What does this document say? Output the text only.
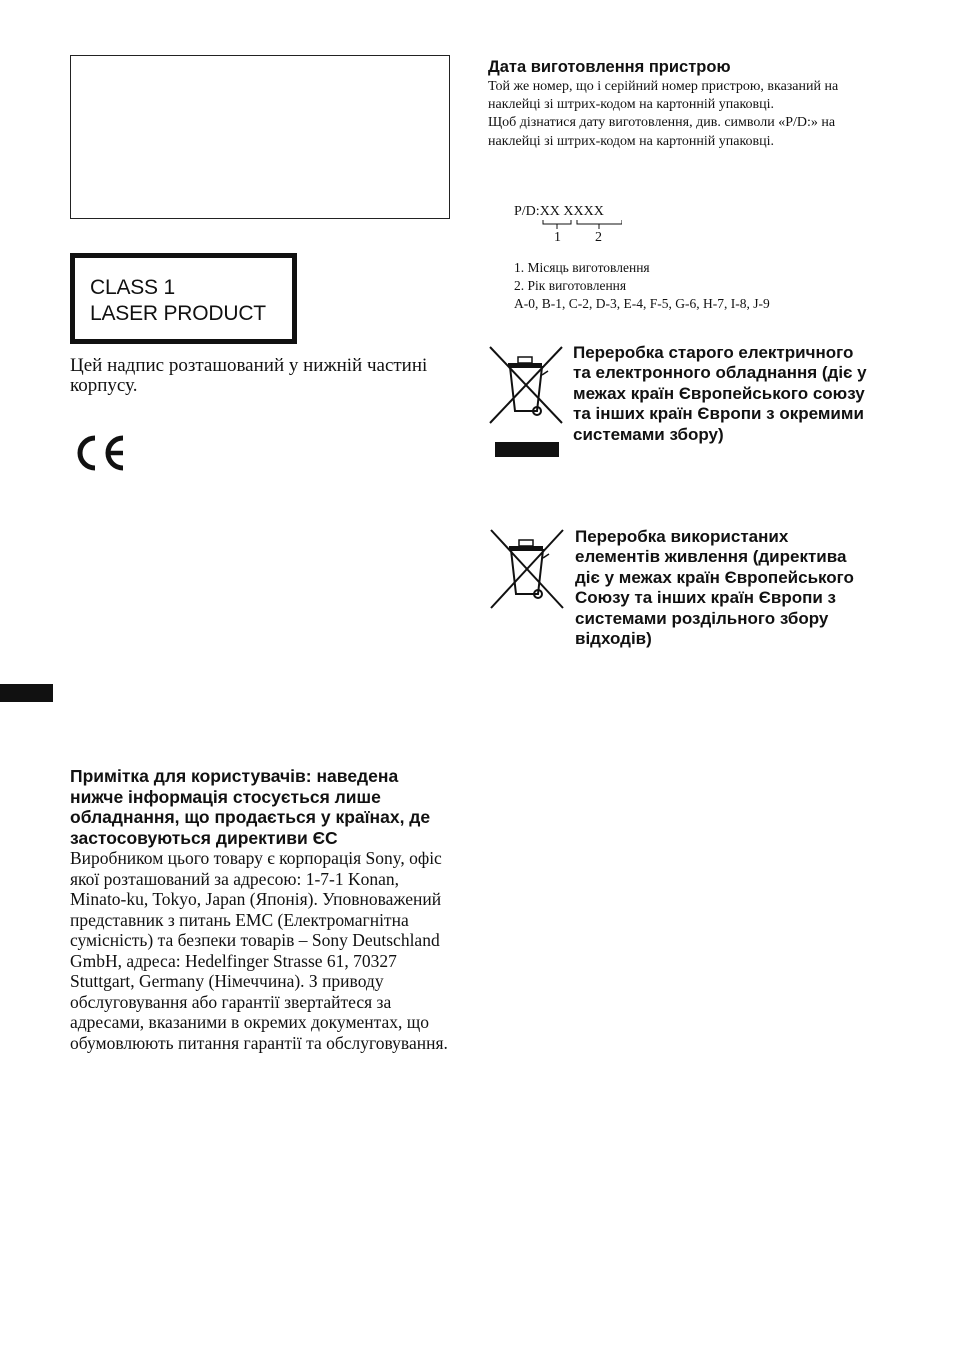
CLASS 1
LASER PRODUCT
Цей надпис розташований у нижній частині корпусу.
Примітка для користувачів: наведена нижче інформація стосується лише обладнання, що продається у країнах, де застосовуються директиви ЄС
Виробником цього товару є корпорація Sony, офіс якої розташований за адресою: 1-7-1 Konan, Minato-ku, Tokyo, Japan (Японія). Уповноважений представник з питань EMC (Електромагнітна сумісність) та безпеки товарів – Sony Deutschland GmbH, адреса: Hedelfinger Strasse 61, 70327 Stuttgart, Germany (Німеччина). З приводу обслуговування або гарантії звертайтеся за адресами, вказаними в окремих документах, що обумовлюють питання гарантії та обслуговування.
Дата виготовлення пристрою
Той же номер, що і серійний номер пристрою, вказаний на наклейці зі штрих-кодом на картонній упаковці.
Щоб дізнатися дату виготовлення, див. символи «P/D:» на наклейці зі штрих-кодом на картонній упаковці.
P/D:XX XXXX
1 2
1. Місяць виготовлення
2. Рік виготовлення
A-0, B-1, C-2, D-3, E-4, F-5, G-6, H-7, I-8, J-9
Переробка старого електричного та електронного обладнання (діє у межах країн Європейського союзу та інших країн Європи з окремими системами збору)
Переробка використаних елементів живлення (директива діє у межах країн Європейського Союзу та інших країн Європи з системами роздільного збору відходів)
